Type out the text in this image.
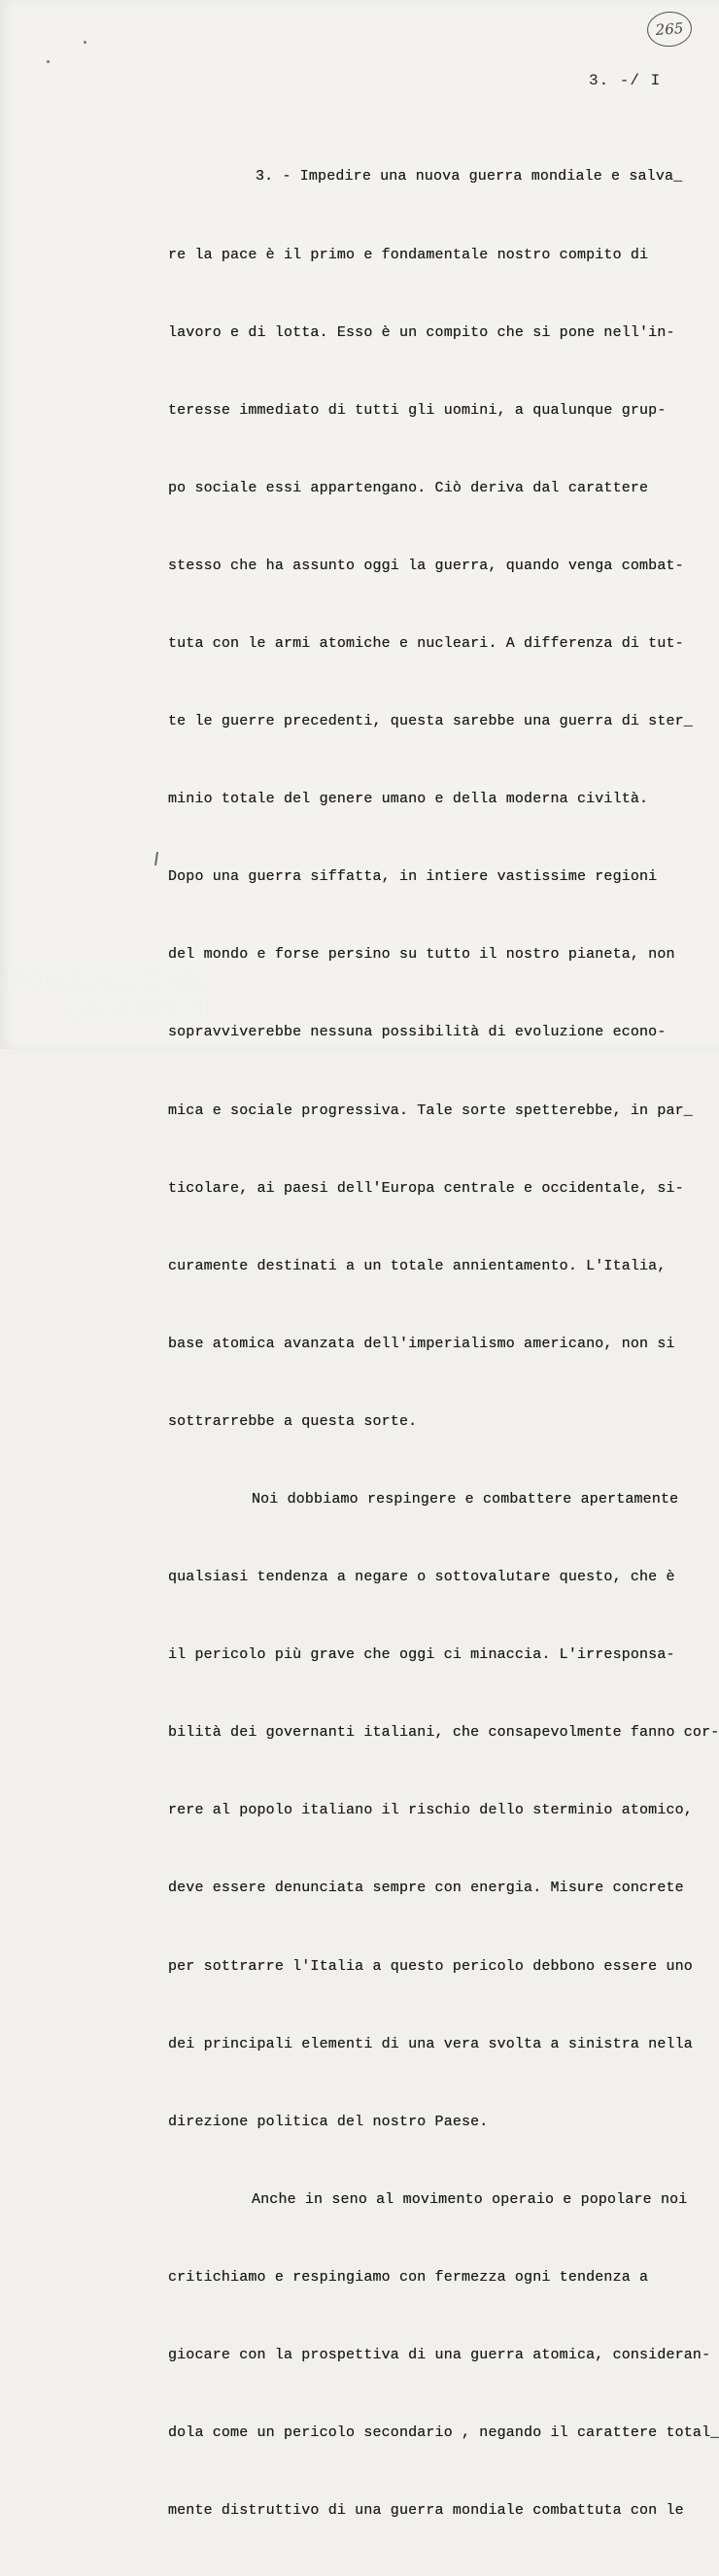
265
3. -/ I

3. - Impedire una nuova guerra mondiale e salva_

re la pace è il primo e fondamentale nostro compito di

lavoro e di lotta. Esso è un compito che si pone nell'in-

teresse immediato di tutti gli uomini, a qualunque grup-

po sociale essi appartengano. Ciò deriva dal carattere

stesso che ha assunto oggi la guerra, quando venga combat-

tuta con le armi atomiche e nucleari. A differenza di tut-

te le guerre precedenti, questa sarebbe una guerra di ster_

minio totale del genere umano e della moderna civiltà.

Dopo una guerra siffatta, in intiere vastissime regioni

del mondo e forse persino su tutto il nostro pianeta, non

sopravviverebbe nessuna possibilità di evoluzione econo-

mica e sociale progressiva. Tale sorte spetterebbe, in par_

ticolare, ai paesi dell'Europa centrale e occidentale, si-

curamente destinati a un totale annientamento. L'Italia,

base atomica avanzata dell'imperialismo americano, non si

sottrarrebbe a questa sorte.

Noi dobbiamo respingere e combattere apertamente

qualsiasi tendenza a negare o sottovalutare questo, che è

il pericolo più grave che oggi ci minaccia. L'irresponsa-

bilità dei governanti italiani, che consapevolmente fanno cor-

rere al popolo italiano il rischio dello sterminio atomico,

deve essere denunciata sempre con energia. Misure concrete

per sottrarre l'Italia a questo pericolo debbono essere uno

dei principali elementi di una vera svolta a sinistra nella

direzione politica del nostro Paese.

Anche in seno al movimento operaio e popolare noi

critichiamo e respingiamo con fermezza ogni tendenza a

giocare con la prospettiva di una guerra atomica, consideran-

dola come un pericolo secondario , negando il carattere total_

mente distruttivo di una guerra mondiale combattuta con le

FONDAZIONE
GRAMSCI
